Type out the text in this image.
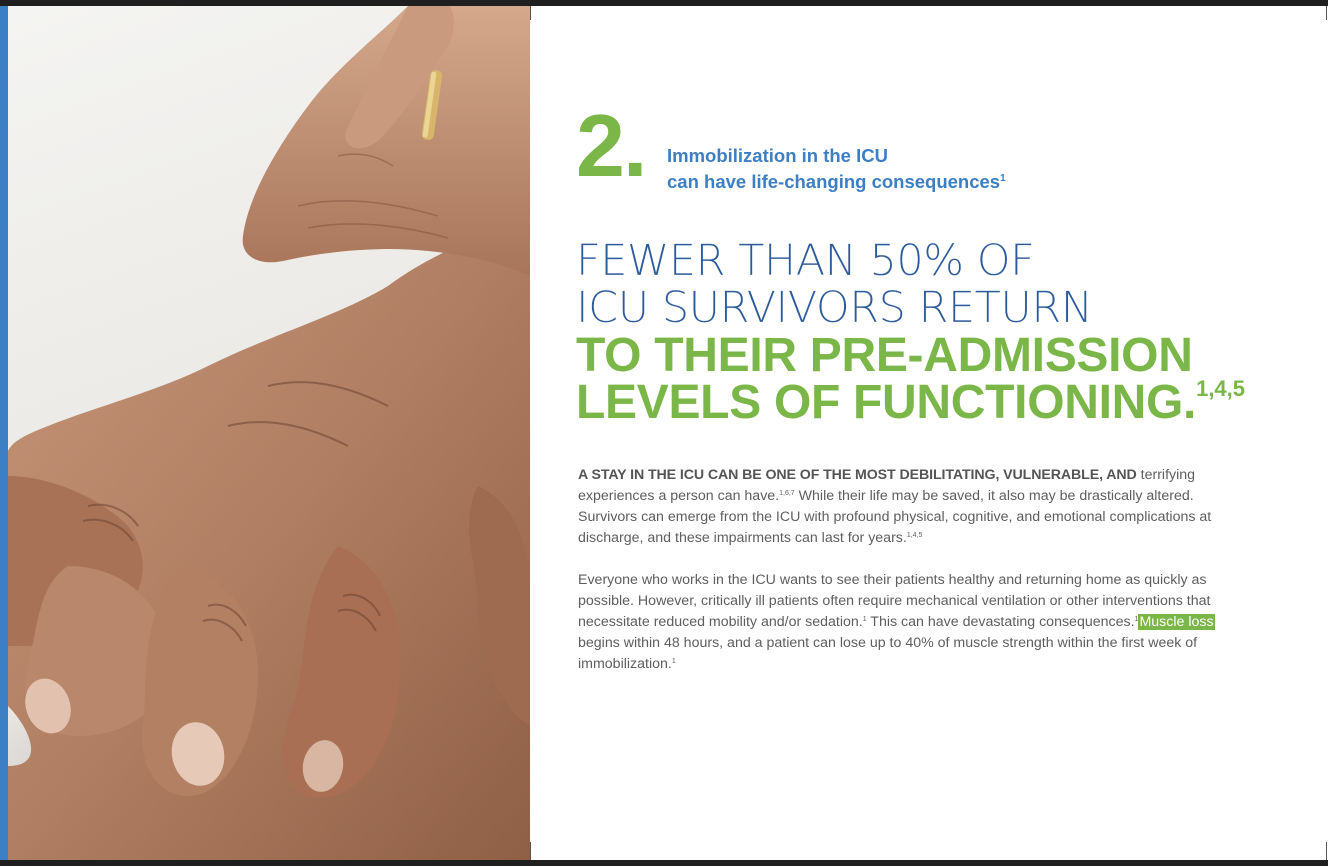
2. Immobilization in the ICU
can have life-changing consequences$^1$
FEWER THAN 50% OF
ICU SURVIVORS RETURN
TO THEIR PRE-ADMISSION
LEVELS OF FUNCTIONING.$^{1,4,5}$

A STAY IN THE ICU CAN BE ONE OF THE MOST DEBILITATING, VULNERABLE, AND terrifying experiences a person can have.$^{1,6,7}$ While their life may be saved, it also may be drastically altered. Survivors can emerge from the ICU with profound physical, cognitive, and emotional complications at discharge, and these impairments can last for years.$^{1,4,5}$

Everyone who works in the ICU wants to see their patients healthy and returning home as quickly as possible. However, critically ill patients often require mechanical ventilation or other interventions that necessitate reduced mobility and/or sedation.$^1$ This can have devastating consequences.$^1$Muscle loss begins within 48 hours, and a patient can lose up to 40% of muscle strength within the first week of immobilization.$^1$
